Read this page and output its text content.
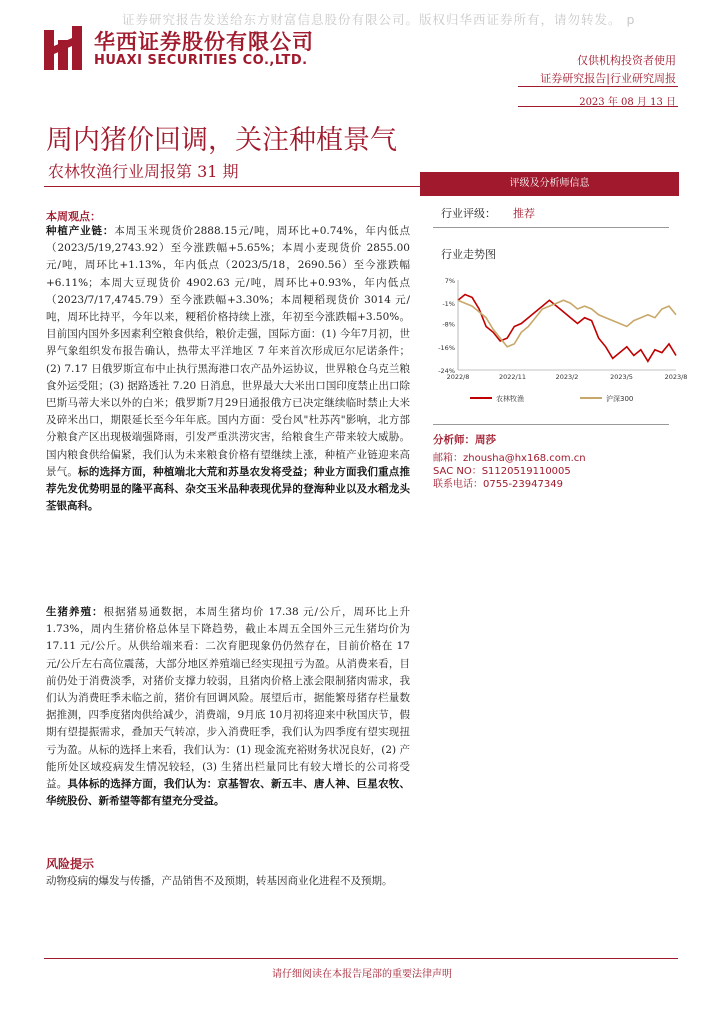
证券研究报告发送给东方财富信息股份有限公司。版权归华西证券所有，请勿转发。 p
华西证券股份有限公司
HUAXI SECURITIES CO.,LTD.	仅供机构投资者使用
证券研究报告|行业研究周报
2023 年 08 月 13 日
周内猪价回调，关注种植景气
农林牧渔行业周报第 31 期
评级及分析师信息
行业评级： 推荐
行业走势图
7%
-1%
-8%
-16%
-24%
2022/8	2022/11	2023/2	2023/5	2023/8
农林牧渔	沪深300
分析师：周莎
邮箱：zhousha@hx168.com.cn
SAC NO：S1120519110005
联系电话：0755-23947349
本周观点：
种植产业链：本周玉米现货价2888.15元/吨，周环比+0.74%，年内低点（2023/5/19,2743.92）至今涨跌幅+5.65%；本周小麦现货价 2855.00 元/吨，周环比+1.13%，年内低点（2023/5/18，2690.56）至今涨跌幅+6.11%；本周大豆现货价 4902.63 元/吨，周环比+0.93%，年内低点（2023/7/17,4745.79）至今涨跌幅+3.30%；本周粳稻现货价 3014 元/吨，周环比持平，今年以来，粳稻价格持续上涨，年初至今涨跌幅+3.50%。目前国内国外多因素利空粮食供给，粮价走强，国际方面：(1) 今年7月初，世界气象组织发布报告确认，热带太平洋地区 7 年来首次形成厄尔尼诺条件；(2) 7.17 日俄罗斯宣布中止执行黑海港口农产品外运协议，世界粮仓乌克兰粮食外运受阻；(3) 据路透社 7.20 日消息，世界最大大米出口国印度禁止出口除巴斯马蒂大米以外的白米；俄罗斯7月29日通报俄方已决定继续临时禁止大米及碎米出口，期限延长至今年年底。国内方面：受台风"杜苏芮"影响，北方部分粮食产区出现极端强降雨，引发严重洪涝灾害，给粮食生产带来较大威胁。国内粮食供给偏紧，我们认为未来粮食价格有望继续上涨，种植产业链迎来高景气。标的选择方面，种植端北大荒和苏垦农发将受益；种业方面我们重点推荐先发优势明显的隆平高科、杂交玉米品种表现优异的登海种业以及水稻龙头荃银高科。
生猪养殖：根据猪易通数据，本周生猪均价 17.38 元/公斤，周环比上升 1.73%，周内生猪价格总体呈下降趋势，截止本周五全国外三元生猪均价为 17.11 元/公斤。从供给端来看：二次育肥现象仍仍然存在，目前价格在 17 元/公斤左右高位震荡，大部分地区养殖端已经实现扭亏为盈。从消费来看，目前仍处于消费淡季，对猪价支撑力较弱，且猪肉价格上涨会限制猪肉需求，我们认为消费旺季未临之前，猪价有回调风险。展望后市，据能繁母猪存栏量数据推测，四季度猪肉供给减少，消费端，9月底 10月初将迎来中秋国庆节，假期有望提振需求，叠加天气转凉，步入消费旺季，我们认为四季度有望实现扭亏为盈。从标的选择上来看，我们认为：(1) 现金流充裕财务状况良好，(2) 产能所处区域疫病发生情况较轻，(3) 生猪出栏量同比有较大增长的公司将受益。具体标的选择方面，我们认为：京基智农、新五丰、唐人神、巨星农牧、华统股份、新希望等都有望充分受益。
风险提示
动物疫病的爆发与传播，产品销售不及预期，转基因商业化进程不及预期。
请仔细阅读在本报告尾部的重要法律声明
